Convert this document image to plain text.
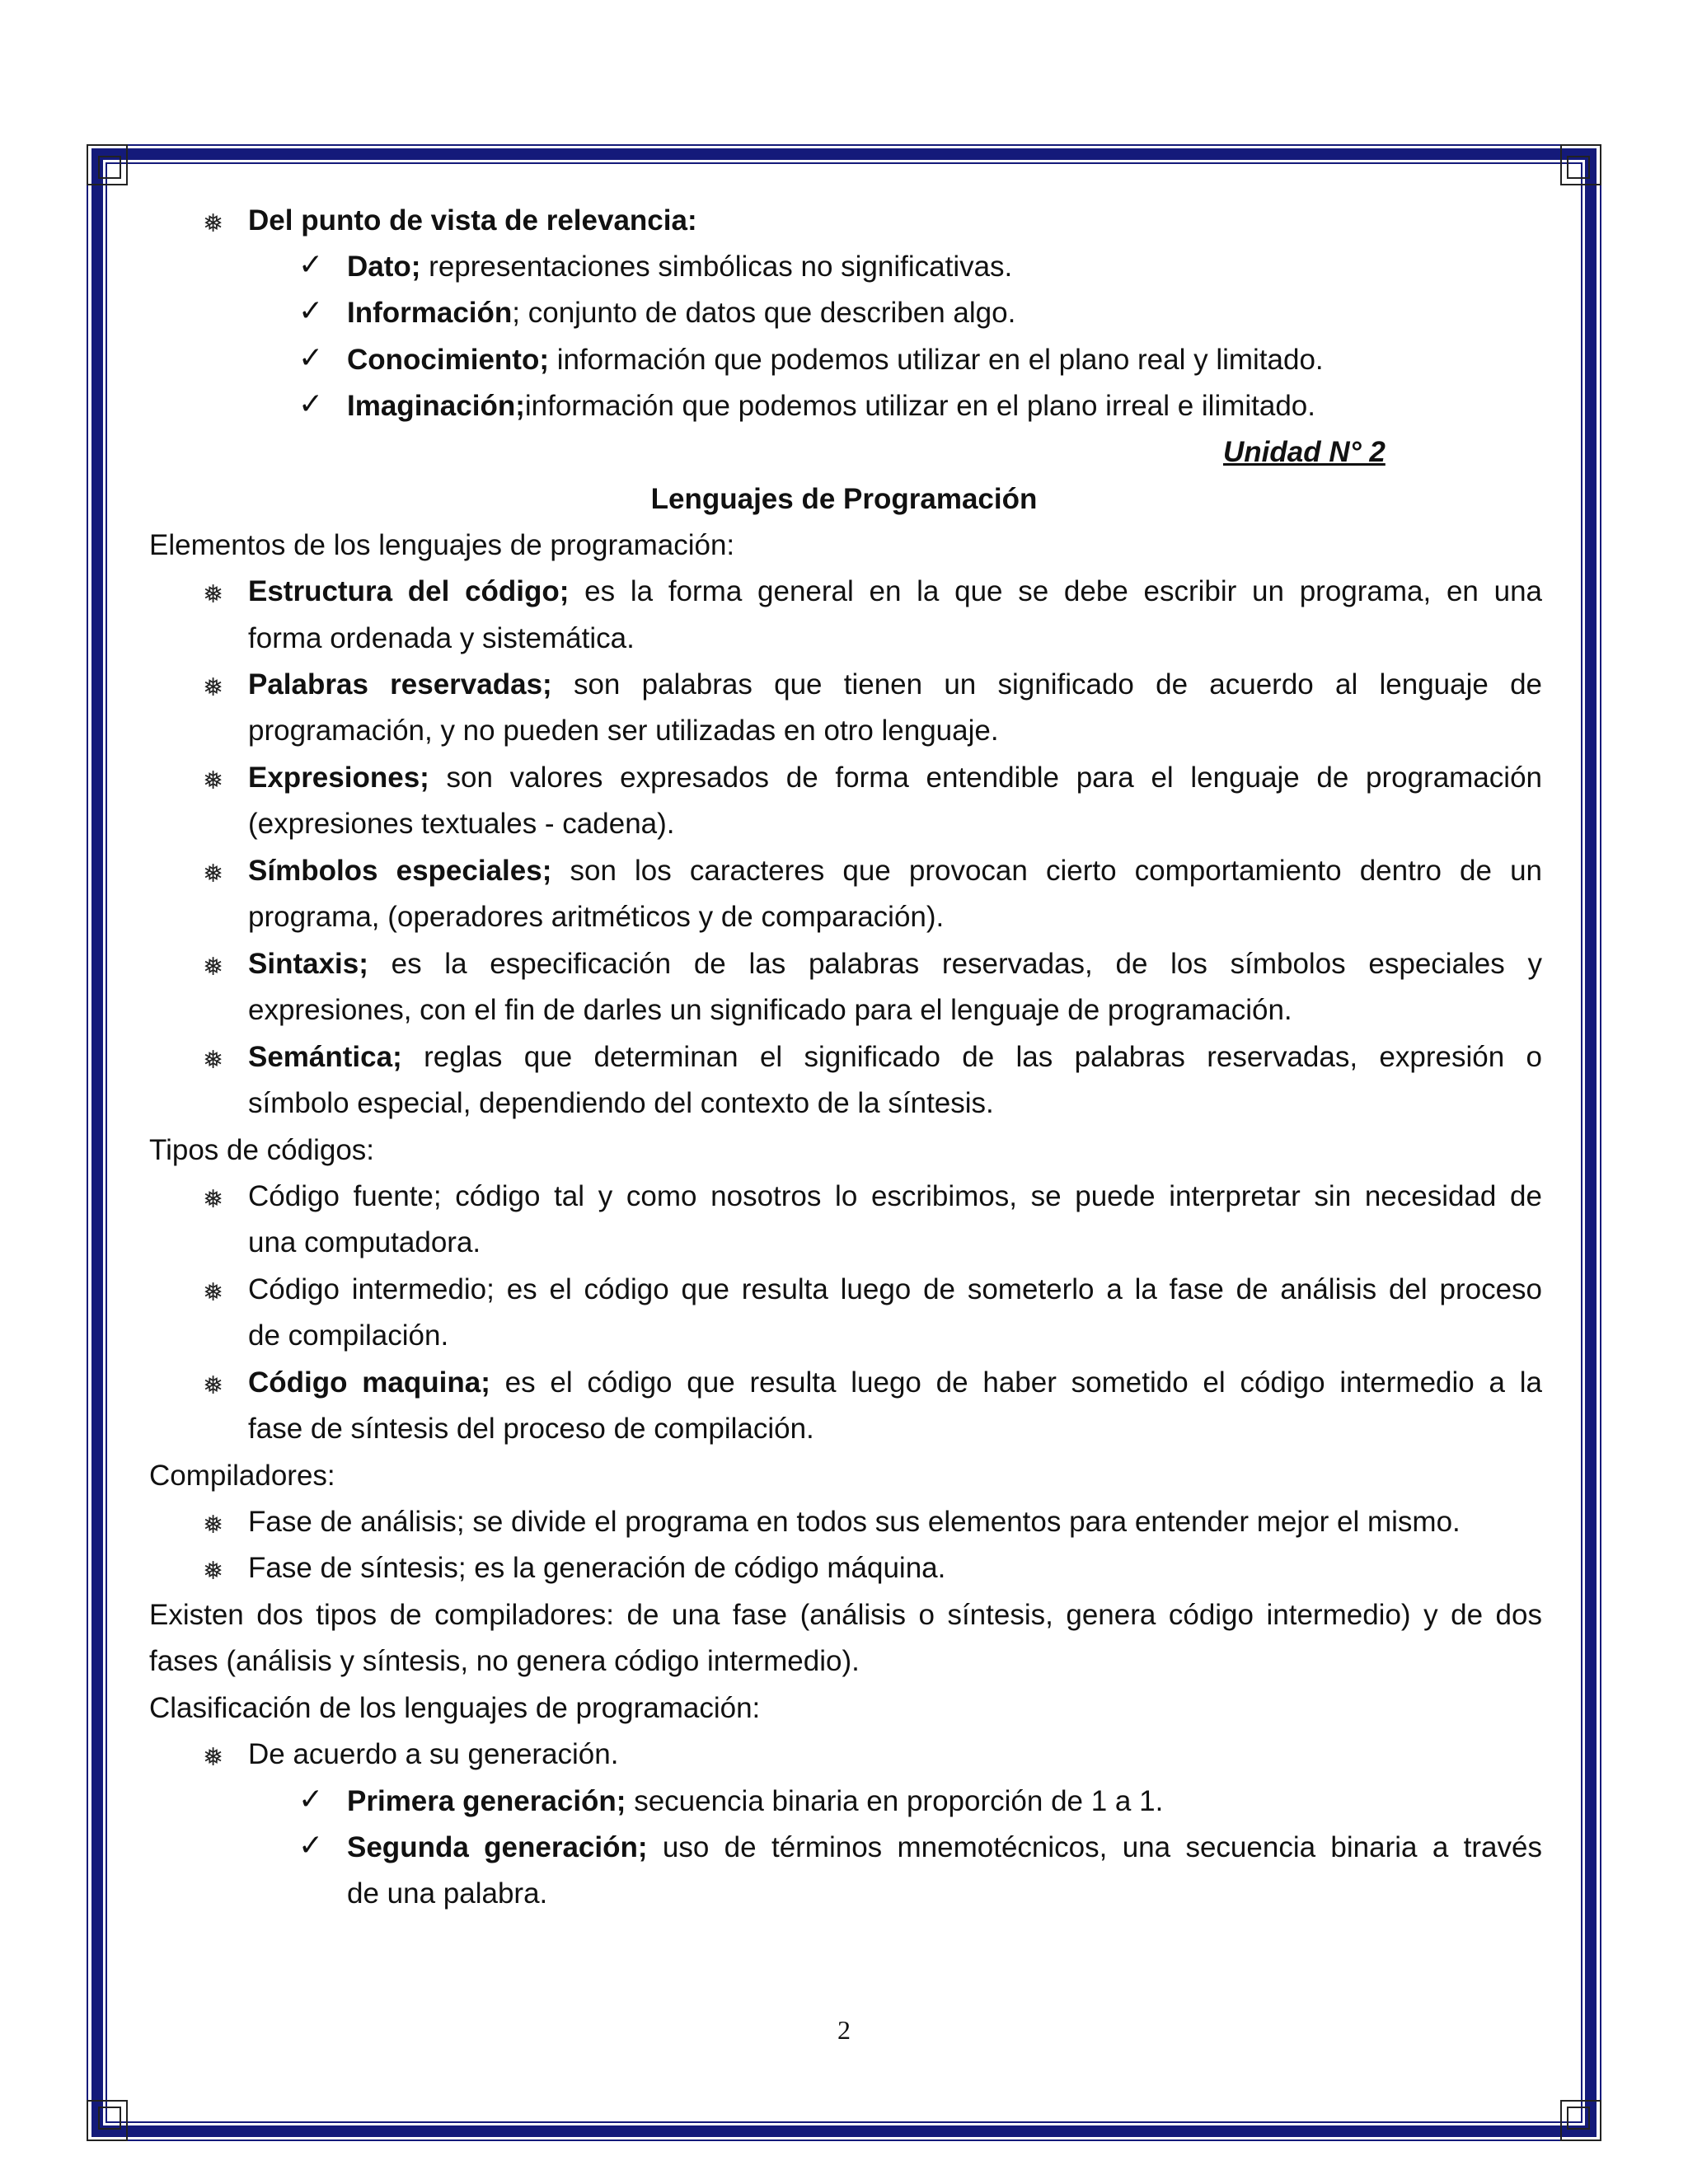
❅ Del punto de vista de relevancia:
✓ Dato; representaciones simbólicas no significativas.
✓ Información; conjunto de datos que describen algo.
✓ Conocimiento; información que podemos utilizar en el plano real y limitado.
✓ Imaginación;información que podemos utilizar en el plano irreal e ilimitado.
Unidad N° 2
Lenguajes de Programación
Elementos de los lenguajes de programación:
❅ Estructura del código; es la forma general en la que se debe escribir un programa, en una
forma ordenada y sistemática.
❅ Palabras reservadas; son palabras que tienen un significado de acuerdo al lenguaje de
programación, y no pueden ser utilizadas en otro lenguaje.
❅ Expresiones; son valores expresados de forma entendible para el lenguaje de programación
(expresiones textuales - cadena).
❅ Símbolos especiales; son los caracteres que provocan cierto comportamiento dentro de un
programa, (operadores aritméticos y de comparación).
❅ Sintaxis; es la especificación de las palabras reservadas, de los símbolos especiales y
expresiones, con el fin de darles un significado para el lenguaje de programación.
❅ Semántica; reglas que determinan el significado de las palabras reservadas, expresión o
símbolo especial, dependiendo del contexto de la síntesis.
Tipos de códigos:
❅ Código fuente; código tal y como nosotros lo escribimos, se puede interpretar sin necesidad de
una computadora.
❅ Código intermedio; es el código que resulta luego de someterlo a la fase de análisis del proceso
de compilación.
❅ Código maquina; es el código que resulta luego de haber sometido el código intermedio a la
fase de síntesis del proceso de compilación.
Compiladores:
❅ Fase de análisis; se divide el programa en todos sus elementos para entender mejor el mismo.
❅ Fase de síntesis; es la generación de código máquina.
Existen dos tipos de compiladores: de una fase (análisis o síntesis, genera código intermedio) y de dos
fases (análisis y síntesis, no genera código intermedio).
Clasificación de los lenguajes de programación:
❅ De acuerdo a su generación.
✓ Primera generación; secuencia binaria en proporción de 1 a 1.
✓ Segunda generación; uso de términos mnemotécnicos, una secuencia binaria a través
de una palabra.
2
